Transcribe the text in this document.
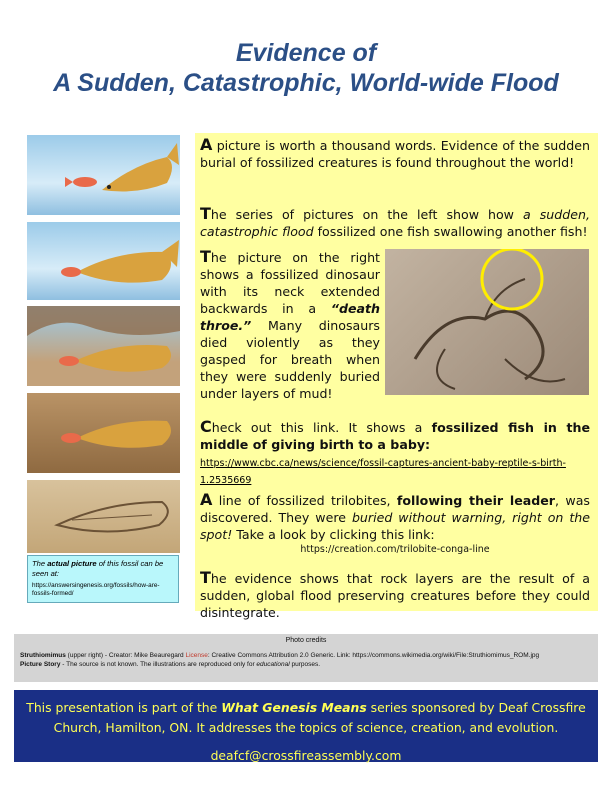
Evidence of
A Sudden, Catastrophic, World-wide Flood
The actual picture of this fossil can be seen at:
https://answersingenesis.org/fossils/how-are-fossils-formed/

A picture is worth a thousand words. Evidence of the sudden burial of fossilized creatures is found throughout the world!

The series of pictures on the left show how a sudden, catastrophic flood fossilized one fish swallowing another fish!

The picture on the right shows a fossilized dinosaur with its neck extended backwards in a “death throe.” Many dinosaurs died violently as they gasped for breath when they were suddenly buried under layers of mud!

Check out this link. It shows a fossilized fish in the middle of giving birth to a baby:
https://www.cbc.ca/news/science/fossil-captures-ancient-baby-reptile-s-birth-1.2535669

A line of fossilized trilobites, following their leader, was discovered. They were buried without warning, right on the spot! Take a look by clicking this link:

https://creation.com/trilobite-conga-line

The evidence shows that rock layers are the result of a sudden, global flood preserving creatures before they could disintegrate.

Photo credits
Struthiomimus (upper right) - Creator: Mike Beauregard License: Creative Commons Attribution 2.0 Generic. Link: https://commons.wikimedia.org/wiki/File:Struthiomimus_ROM.jpg
Picture Story - The source is not known. The illustrations are reproduced only for educational purposes.
This presentation is part of the What Genesis Means series sponsored by Deaf Crossfire Church, Hamilton, ON. It addresses the topics of science, creation, and evolution.
deafcf@crossfireassembly.com
